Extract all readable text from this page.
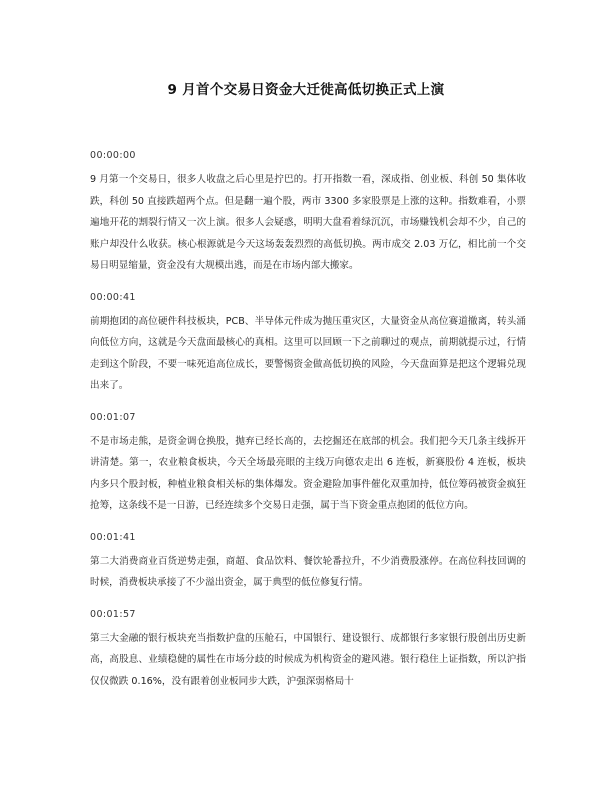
9 月首个交易日资金大迁徙高低切换正式上演
00:00:00
9 月第一个交易日，很多人收盘之后心里是拧巴的。打开指数一看，深成指、创业板、科创 50 集体收跌，科创 50 直接跌超两个点。但是翻一遍个股，两市 3300 多家股票是上涨的这种。指数难看，小票遍地开花的割裂行情又一次上演。很多人会疑惑，明明大盘看着绿沉沉，市场赚钱机会却不少，自己的账户却没什么收获。核心根源就是今天这场轰轰烈烈的高低切换。两市成交 2.03 万亿，相比前一个交易日明显缩量，资金没有大规模出逃，而是在市场内部大搬家。
00:00:41
前期抱团的高位硬件科技板块，PCB、半导体元件成为抛压重灾区，大量资金从高位赛道撤离，转头涌向低位方向，这就是今天盘面最核心的真相。这里可以回顾一下之前聊过的观点，前期就提示过，行情走到这个阶段，不要一味死追高位成长，要警惕资金做高低切换的风险，今天盘面算是把这个逻辑兑现出来了。
00:01:07
不是市场走熊，是资金调仓换股，抛弃已经长高的，去挖掘还在底部的机会。我们把今天几条主线拆开讲清楚。第一，农业粮食板块，今天全场最亮眼的主线万向德农走出 6 连板，新赛股份 4 连板，板块内多只个股封板，种植业粮食相关标的集体爆发。资金避险加事件催化双重加持，低位筹码被资金疯狂抢筹，这条线不是一日游，已经连续多个交易日走强，属于当下资金重点抱团的低位方向。
00:01:41
第二大消费商业百货逆势走强，商超、食品饮料、餐饮轮番拉升，不少消费股涨停。在高位科技回调的时候，消费板块承接了不少溢出资金，属于典型的低位修复行情。
00:01:57
第三大金融的银行板块充当指数护盘的压舱石，中国银行、建设银行、成都银行多家银行股创出历史新高，高股息、业绩稳健的属性在市场分歧的时候成为机构资金的避风港。银行稳住上证指数，所以沪指仅仅微跌 0.16%，没有跟着创业板同步大跌，沪强深弱格局十
